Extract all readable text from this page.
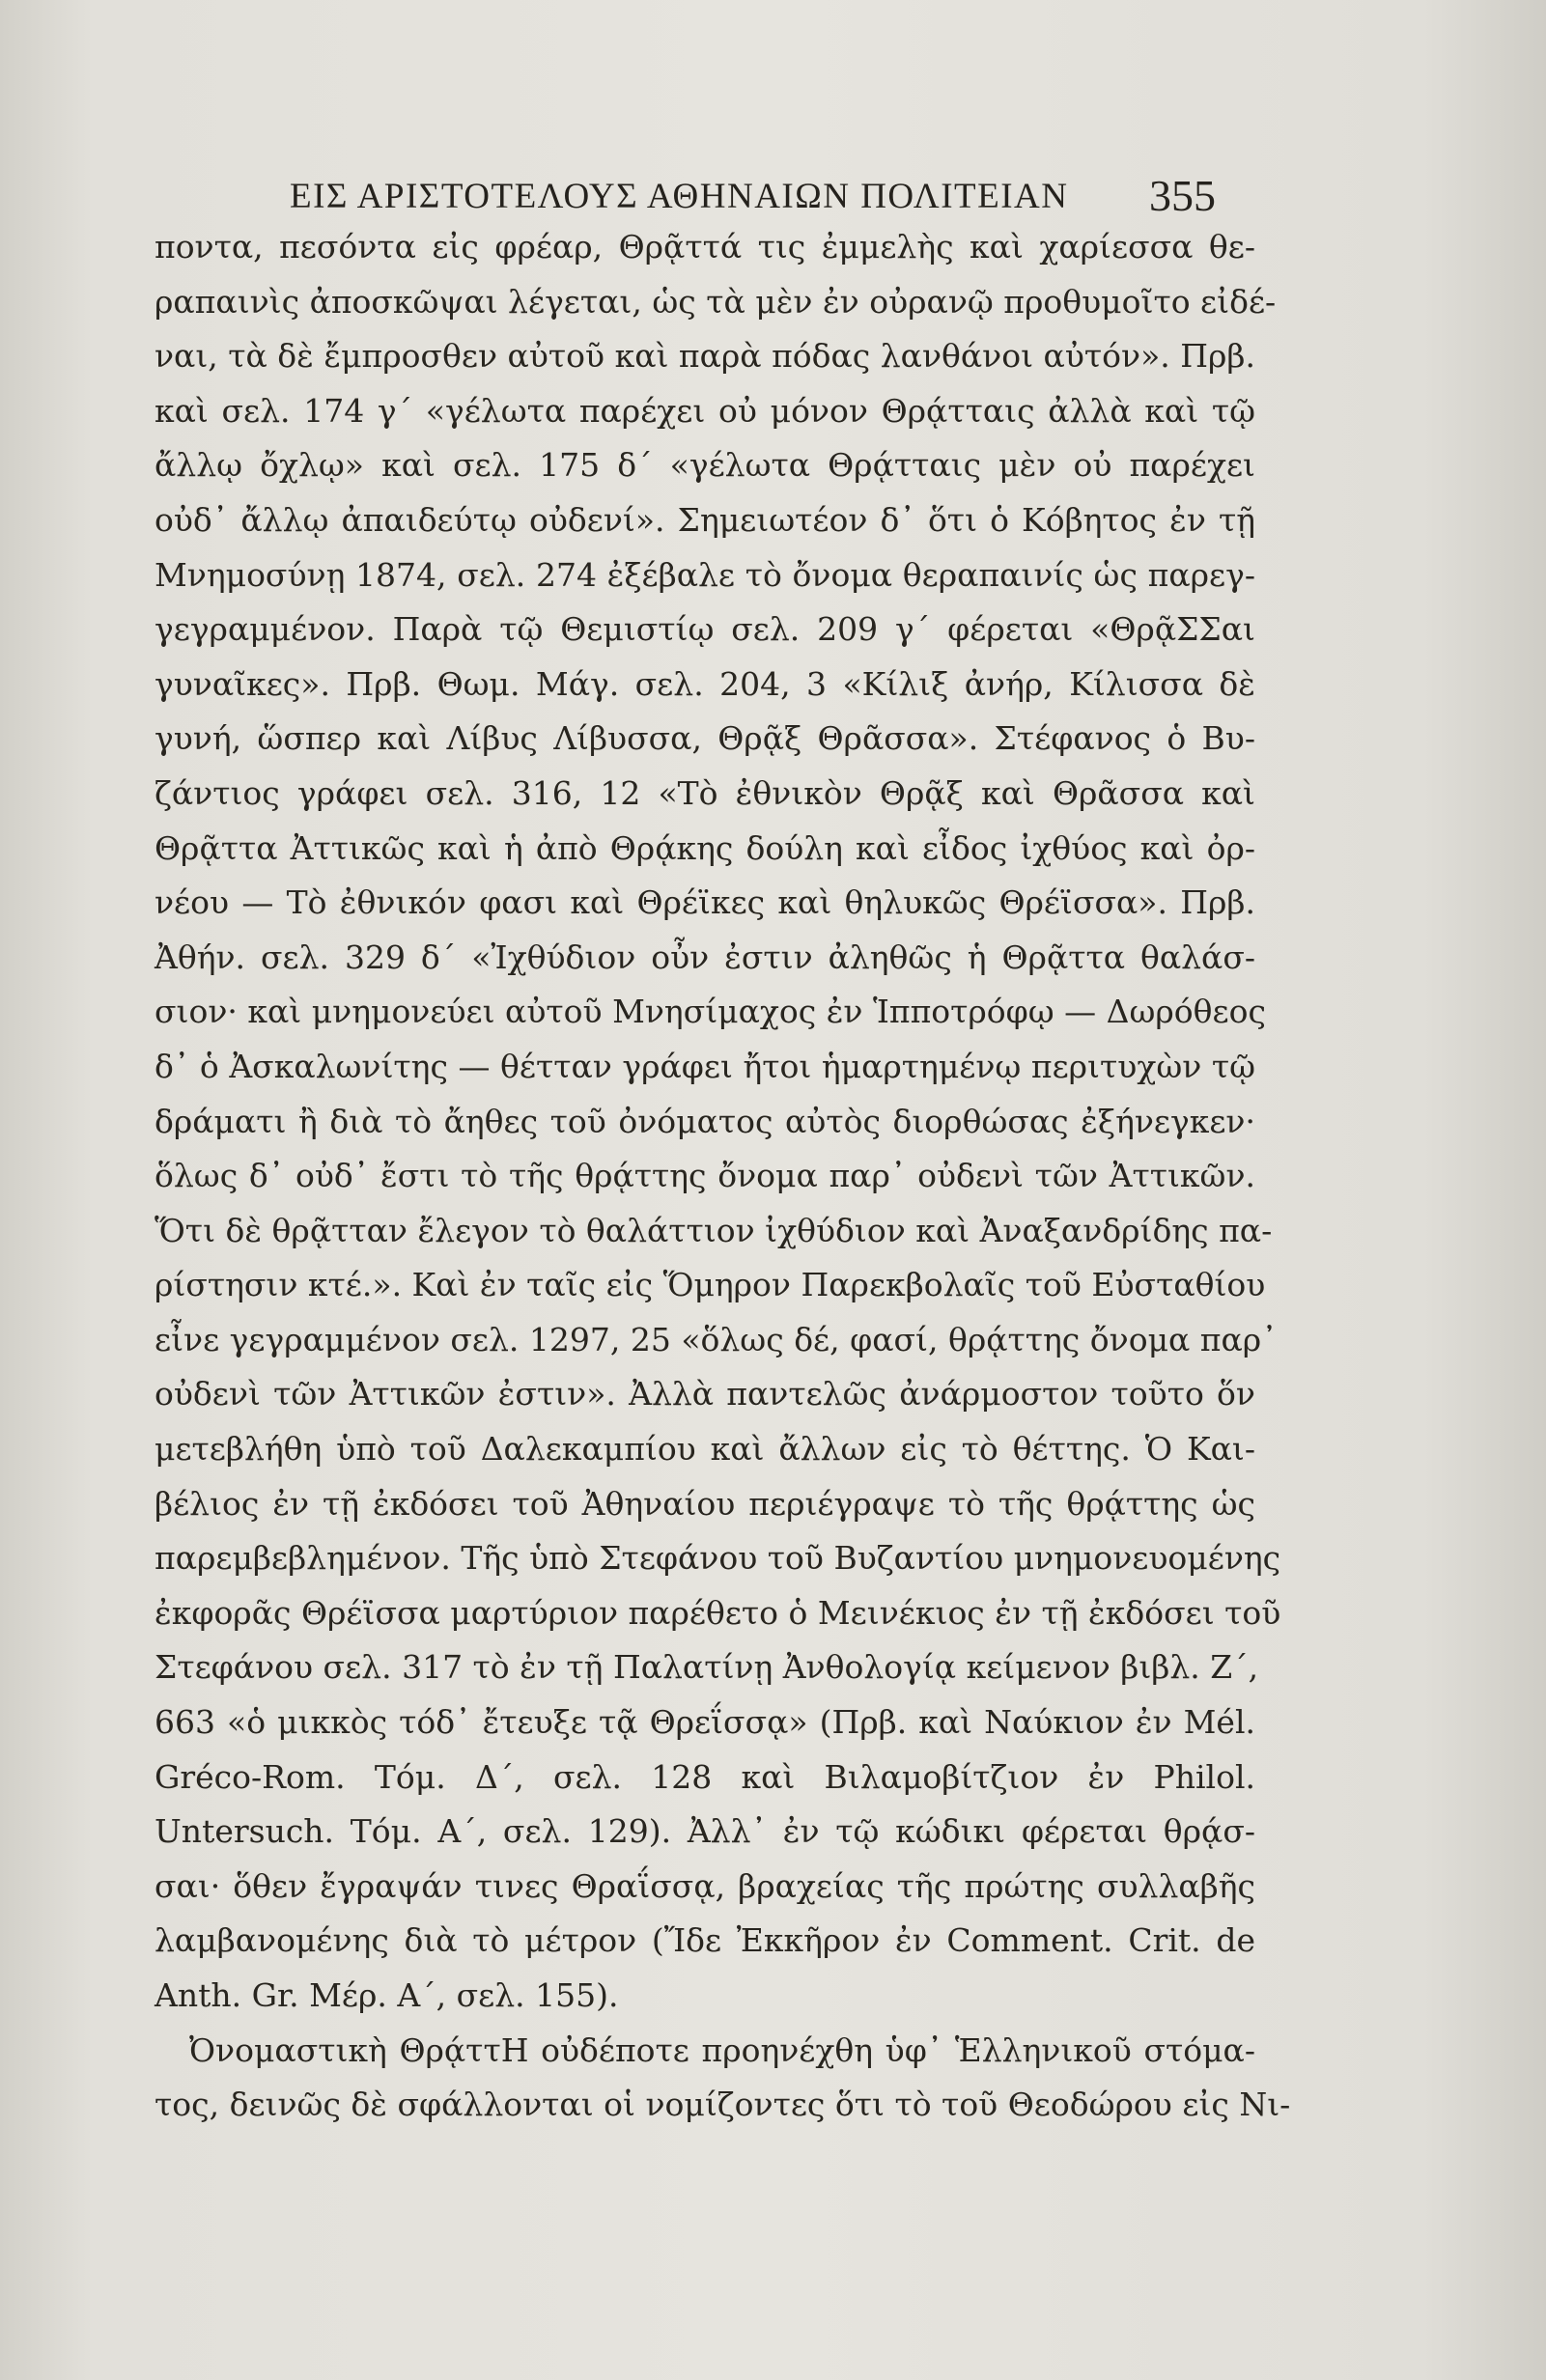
ΕΙΣ ΑΡΙΣΤΟΤΕΛΟΥΣ ΑΘΗΝΑΙΩΝ ΠΟΛΙΤΕΙΑΝ 355
ποντα, πεσόντα εἰς φρέαρ, Θρᾷττά τις ἐμμελὴς καὶ χαρίεσσα θε-
ραπαινὶς ἀποσκῶψαι λέγεται, ὡς τὰ μὲν ἐν οὐρανῷ προθυμοῖτο εἰδέ-
ναι, τὰ δὲ ἔμπροσθεν αὐτοῦ καὶ παρὰ πόδας λανθάνοι αὐτόν». Πρβ.
καὶ σελ. 174 γ΄ «γέλωτα παρέχει οὐ μόνον Θρᾴτταις ἀλλὰ καὶ τῷ
ἄλλῳ ὄχλῳ» καὶ σελ. 175 δ΄ «γέλωτα Θρᾴτταις μὲν οὐ παρέχει
οὐδ᾽ ἄλλῳ ἀπαιδεύτῳ οὐδενί». Σημειωτέον δ᾽ ὅτι ὁ Κόβητος ἐν τῇ
Μνημοσύνῃ 1874, σελ. 274 ἐξέβαλε τὸ ὄνομα θεραπαινίς ὡς παρεγ-
γεγραμμένον. Παρὰ τῷ Θεμιστίῳ σελ. 209 γ΄ φέρεται «ΘρᾷΣΣαι
γυναῖκες». Πρβ. Θωμ. Μάγ. σελ. 204, 3 «Κίλιξ ἀνήρ, Κίλισσα δὲ
γυνή, ὥσπερ καὶ Λίβυς Λίβυσσα, Θρᾷξ Θρᾶσσα». Στέφανος ὁ Βυ-
ζάντιος γράφει σελ. 316, 12 «Τὸ ἐθνικὸν Θρᾷξ καὶ Θρᾶσσα καὶ
Θρᾷττα Ἀττικῶς καὶ ἡ ἀπὸ Θρᾴκης δούλη καὶ εἶδος ἰχθύος καὶ ὀρ-
νέου — Τὸ ἐθνικόν φασι καὶ Θρέϊκες καὶ θηλυκῶς Θρέϊσσα». Πρβ.
Ἀθήν. σελ. 329 δ΄ «Ἰχθύδιον οὖν ἐστιν ἀληθῶς ἡ Θρᾷττα θαλάσ-
σιον· καὶ μνημονεύει αὐτοῦ Μνησίμαχος ἐν Ἱπποτρόφῳ — Δωρόθεος
δ᾽ ὁ Ἀσκαλωνίτης — θέτταν γράφει ἤτοι ἡμαρτημένῳ περιτυχὼν τῷ
δράματι ἢ διὰ τὸ ἄηθες τοῦ ὀνόματος αὐτὸς διορθώσας ἐξήνεγκεν·
ὅλως δ᾽ οὐδ᾽ ἔστι τὸ τῆς θρᾴττης ὄνομα παρ᾽ οὐδενὶ τῶν Ἀττικῶν.
Ὅτι δὲ θρᾷτταν ἔλεγον τὸ θαλάττιον ἰχθύδιον καὶ Ἀναξανδρίδης πα-
ρίστησιν κτέ.». Καὶ ἐν ταῖς εἰς Ὅμηρον Παρεκβολαῖς τοῦ Εὐσταθίου
εἶνε γεγραμμένον σελ. 1297, 25 «ὅλως δέ, φασί, θρᾴττης ὄνομα παρ᾽
οὐδενὶ τῶν Ἀττικῶν ἐστιν». Ἀλλὰ παντελῶς ἀνάρμοστον τοῦτο ὅν
μετεβλήθη ὑπὸ τοῦ Δαλεκαμπίου καὶ ἄλλων εἰς τὸ θέττης. Ὁ Και-
βέλιος ἐν τῇ ἐκδόσει τοῦ Ἀθηναίου περιέγραψε τὸ τῆς θρᾴττης ὡς
παρεμβεβλημένον. Τῆς ὑπὸ Στεφάνου τοῦ Βυζαντίου μνημονευομένης
ἐκφορᾶς Θρέϊσσα μαρτύριον παρέθετο ὁ Μεινέκιος ἐν τῇ ἐκδόσει τοῦ
Στεφάνου σελ. 317 τὸ ἐν τῇ Παλατίνῃ Ἀνθολογίᾳ κείμενον βιβλ. Ζ΄,
663 «ὁ μικκὸς τόδ᾽ ἔτευξε τᾷ Θρεΐσσᾳ» (Πρβ. καὶ Ναύκιον ἐν Mél.
Gréco-Rom. Τόμ. Δ΄, σελ. 128 καὶ Βιλαμοβίτζιον ἐν Philol.
Untersuch. Τόμ. Α΄, σελ. 129). Ἀλλ᾽ ἐν τῷ κώδικι φέρεται θρᾴσ-
σαι· ὅθεν ἔγραψάν τινες Θραΐσσᾳ, βραχείας τῆς πρώτης συλλαβῆς
λαμβανομένης διὰ τὸ μέτρον (Ἴδε Ἐκκῆρον ἐν Comment. Crit. de
Anth. Gr. Μέρ. Α΄, σελ. 155).
Ὀνομαστικὴ ΘρᾴττΗ οὐδέποτε προηνέχθη ὑφ᾽ Ἑλληνικοῦ στόμα-
τος, δεινῶς δὲ σφάλλονται οἱ νομίζοντες ὅτι τὸ τοῦ Θεοδώρου εἰς Νι-
